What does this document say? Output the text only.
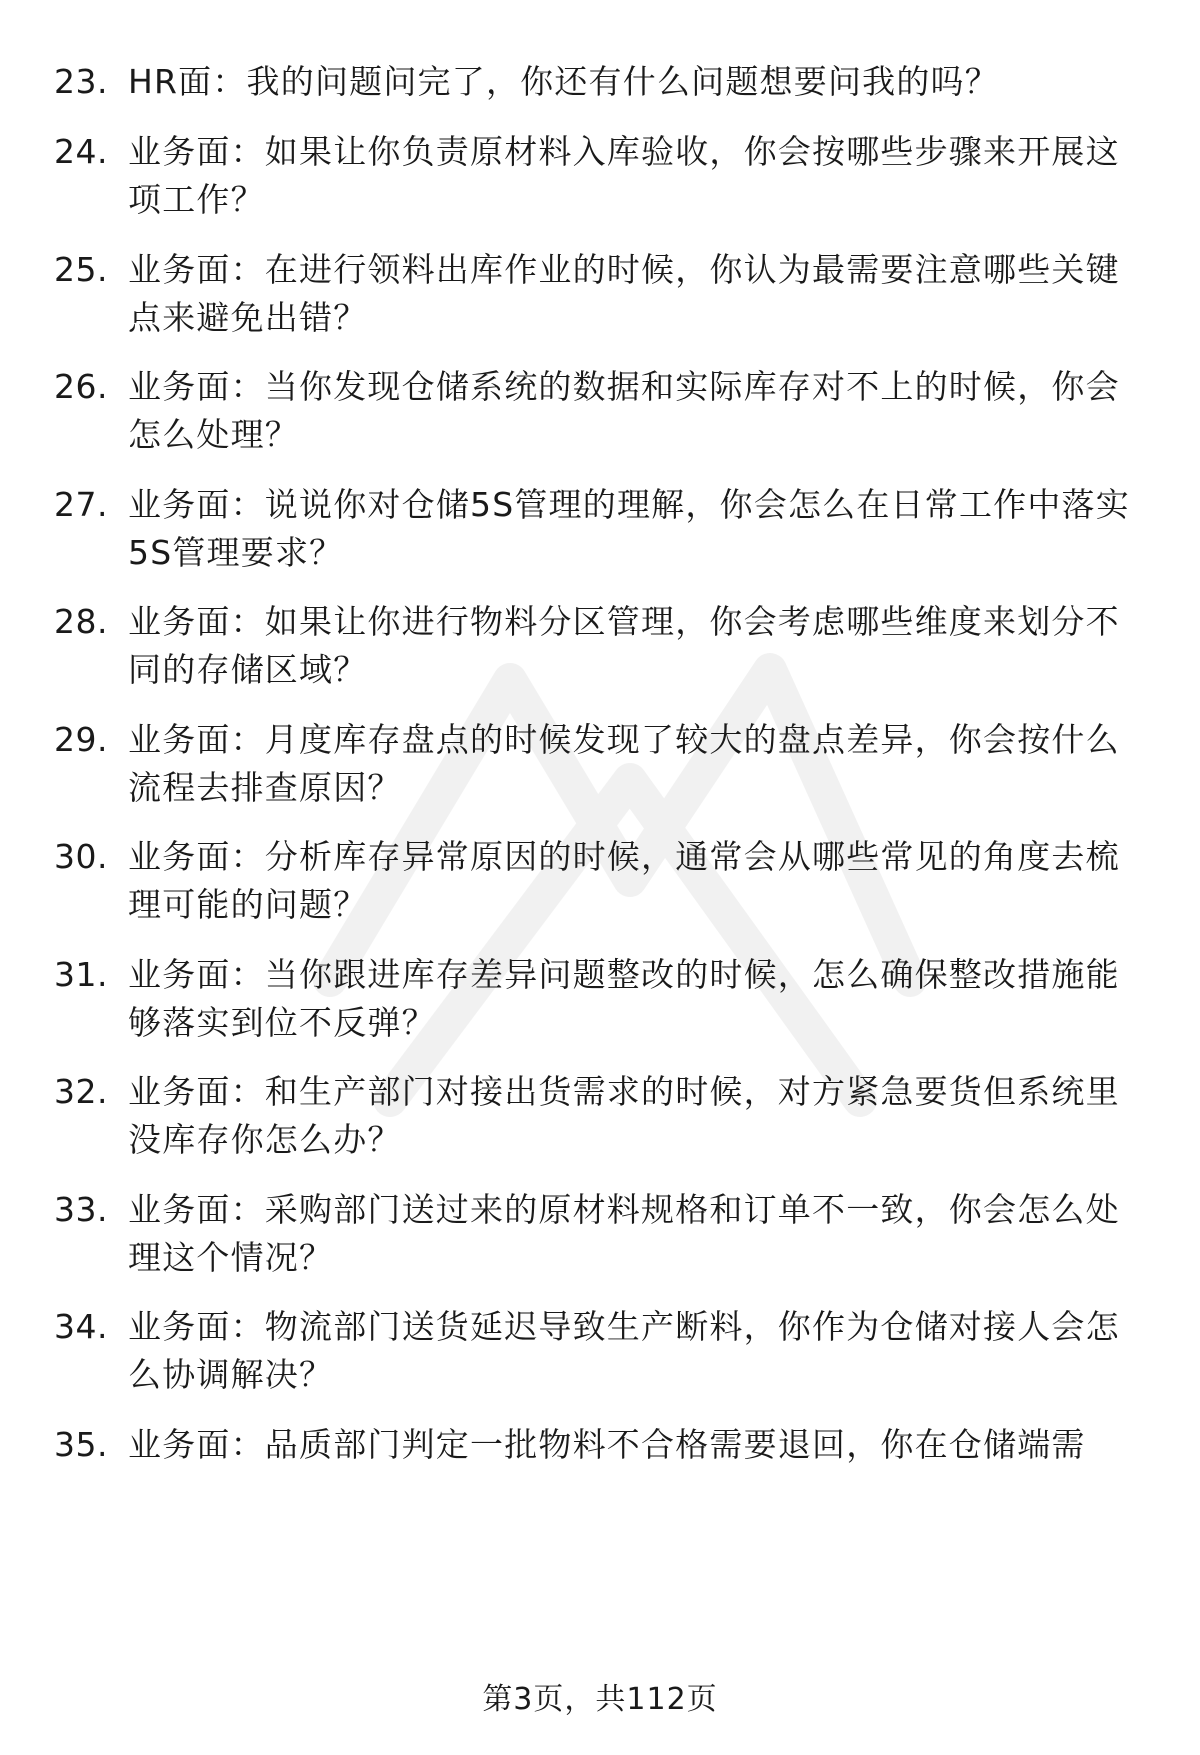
23. HR面：我的问题问完了，你还有什么问题想要问我的吗？
24. 业务面：如果让你负责原材料入库验收，你会按哪些步骤来开展这项工作？
25. 业务面：在进行领料出库作业的时候，你认为最需要注意哪些关键点来避免出错？
26. 业务面：当你发现仓储系统的数据和实际库存对不上的时候，你会怎么处理？
27. 业务面：说说你对仓储5S管理的理解，你会怎么在日常工作中落实5S管理要求？
28. 业务面：如果让你进行物料分区管理，你会考虑哪些维度来划分不同的存储区域？
29. 业务面：月度库存盘点的时候发现了较大的盘点差异，你会按什么流程去排查原因？
30. 业务面：分析库存异常原因的时候，通常会从哪些常见的角度去梳理可能的问题？
31. 业务面：当你跟进库存差异问题整改的时候，怎么确保整改措施能够落实到位不反弹？
32. 业务面：和生产部门对接出货需求的时候，对方紧急要货但系统里没库存你怎么办？
33. 业务面：采购部门送过来的原材料规格和订单不一致，你会怎么处理这个情况？
34. 业务面：物流部门送货延迟导致生产断料，你作为仓储对接人会怎么协调解决？
35. 业务面：品质部门判定一批物料不合格需要退回，你在仓储端需
第3页，共112页
